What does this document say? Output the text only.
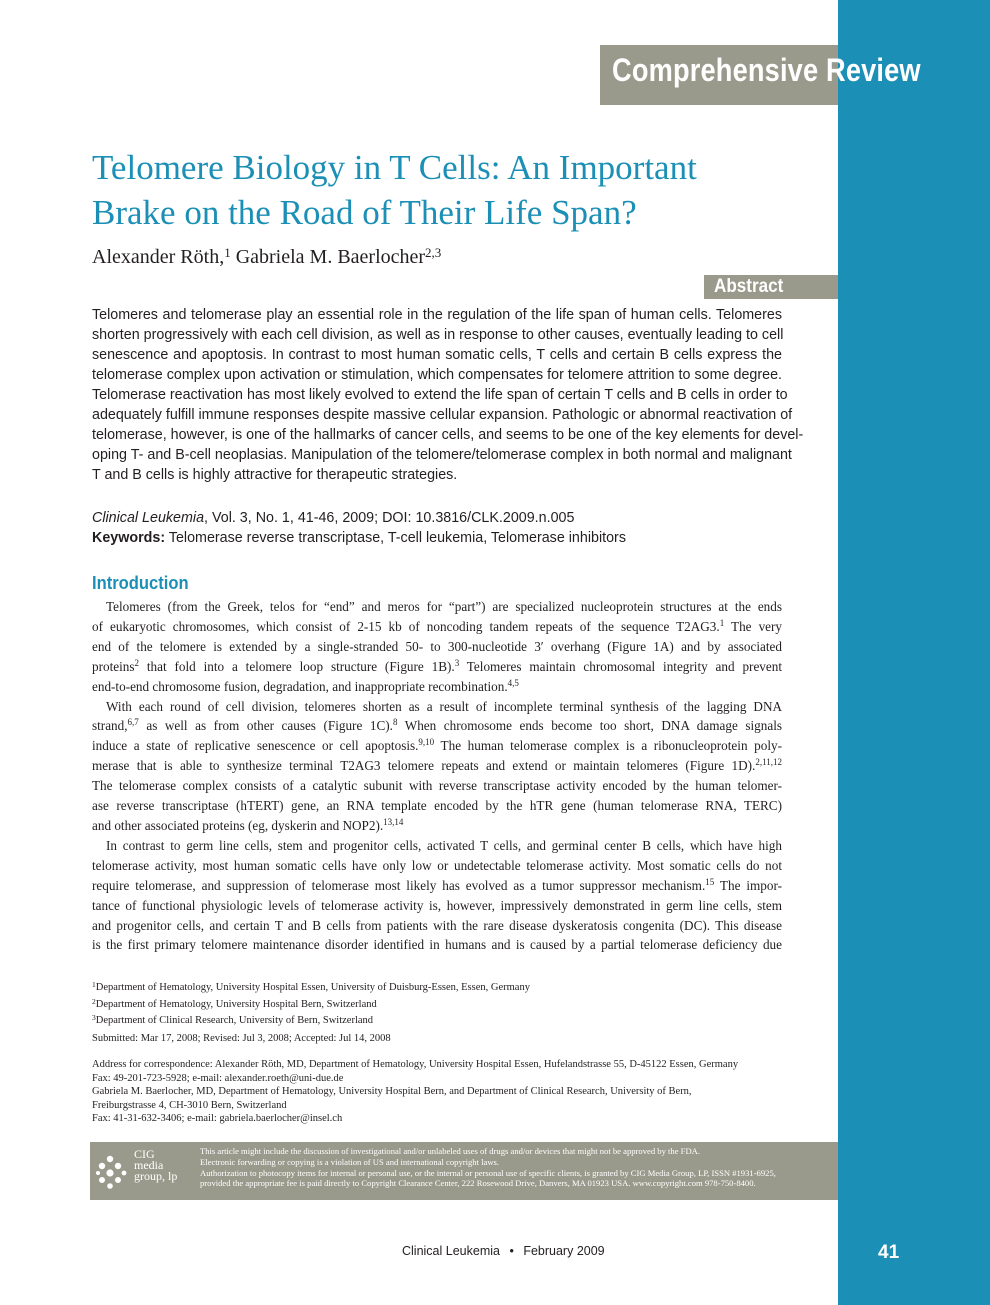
Comprehensive Review
Telomere Biology in T Cells: An Important
Brake on the Road of Their Life Span?
Alexander Röth,$^1$ Gabriela M. Baerlocher$^{2,3}$
Abstract
Telomeres and telomerase play an essential role in the regulation of the life span of human cells. Telomeres
shorten progressively with each cell division, as well as in response to other causes, eventually leading to cell
senescence and apoptosis. In contrast to most human somatic cells, T cells and certain B cells express the
telomerase complex upon activation or stimulation, which compensates for telomere attrition to some degree.
Telomerase reactivation has most likely evolved to extend the life span of certain T cells and B cells in order to
adequately fulfill immune responses despite massive cellular expansion. Pathologic or abnormal reactivation of
telomerase, however, is one of the hallmarks of cancer cells, and seems to be one of the key elements for devel-
oping T- and B-cell neoplasias. Manipulation of the telomere/telomerase complex in both normal and malignant
T and B cells is highly attractive for therapeutic strategies.
Clinical Leukemia, Vol. 3, No. 1, 41-46, 2009; DOI: 10.3816/CLK.2009.n.005
Keywords: Telomerase reverse transcriptase, T-cell leukemia, Telomerase inhibitors
Introduction
Telomeres (from the Greek, telos for “end” and meros for “part”) are specialized nucleoprotein structures at the ends
of eukaryotic chromosomes, which consist of 2-15 kb of noncoding tandem repeats of the sequence T2AG3.$^1$ The very
end of the telomere is extended by a single-stranded 50- to 300-nucleotide 3′ overhang (Figure 1A) and by associated
proteins$^2$ that fold into a telomere loop structure (Figure 1B).$^3$ Telomeres maintain chromosomal integrity and prevent
end-to-end chromosome fusion, degradation, and inappropriate recombination.$^{4,5}$
With each round of cell division, telomeres shorten as a result of incomplete terminal synthesis of the lagging DNA
strand,$^{6,7}$ as well as from other causes (Figure 1C).$^8$ When chromosome ends become too short, DNA damage signals
induce a state of replicative senescence or cell apoptosis.$^{9,10}$ The human telomerase complex is a ribonucleoprotein poly-
merase that is able to synthesize terminal T2AG3 telomere repeats and extend or maintain telomeres (Figure 1D).$^{2,11,12}$
The telomerase complex consists of a catalytic subunit with reverse transcriptase activity encoded by the human telomer-
ase reverse transcriptase (hTERT) gene, an RNA template encoded by the hTR gene (human telomerase RNA, TERC)
and other associated proteins (eg, dyskerin and NOP2).$^{13,14}$
In contrast to germ line cells, stem and progenitor cells, activated T cells, and germinal center B cells, which have high
telomerase activity, most human somatic cells have only low or undetectable telomerase activity. Most somatic cells do not
require telomerase, and suppression of telomerase most likely has evolved as a tumor suppressor mechanism.$^{15}$ The impor-
tance of functional physiologic levels of telomerase activity is, however, impressively demonstrated in germ line cells, stem
and progenitor cells, and certain T and B cells from patients with the rare disease dyskeratosis congenita (DC). This disease
is the first primary telomere maintenance disorder identified in humans and is caused by a partial telomerase deficiency due
$^1$Department of Hematology, University Hospital Essen, University of Duisburg-Essen, Essen, Germany
$^2$Department of Hematology, University Hospital Bern, Switzerland
$^3$Department of Clinical Research, University of Bern, Switzerland
Submitted: Mar 17, 2008; Revised: Jul 3, 2008; Accepted: Jul 14, 2008
Address for correspondence: Alexander Röth, MD, Department of Hematology, University Hospital Essen, Hufelandstrasse 55, D-45122 Essen, Germany
Fax: 49-201-723-5928; e-mail: alexander.roeth@uni-due.de
Gabriela M. Baerlocher, MD, Department of Hematology, University Hospital Bern, and Department of Clinical Research, University of Bern,
Freiburgstrasse 4, CH-3010 Bern, Switzerland
Fax: 41-31-632-3406; e-mail: gabriela.baerlocher@insel.ch
CIG
media
group, lp
This article might include the discussion of investigational and/or unlabeled uses of drugs and/or devices that might not be approved by the FDA.
Electronic forwarding or copying is a violation of US and international copyright laws.
Authorization to photocopy items for internal or personal use, or the internal or personal use of specific clients, is granted by CIG Media Group, LP, ISSN #1931-6925,
provided the appropriate fee is paid directly to Copyright Clearance Center, 222 Rosewood Drive, Danvers, MA 01923 USA. www.copyright.com 978-750-8400.
Clinical Leukemia • February 2009	41
